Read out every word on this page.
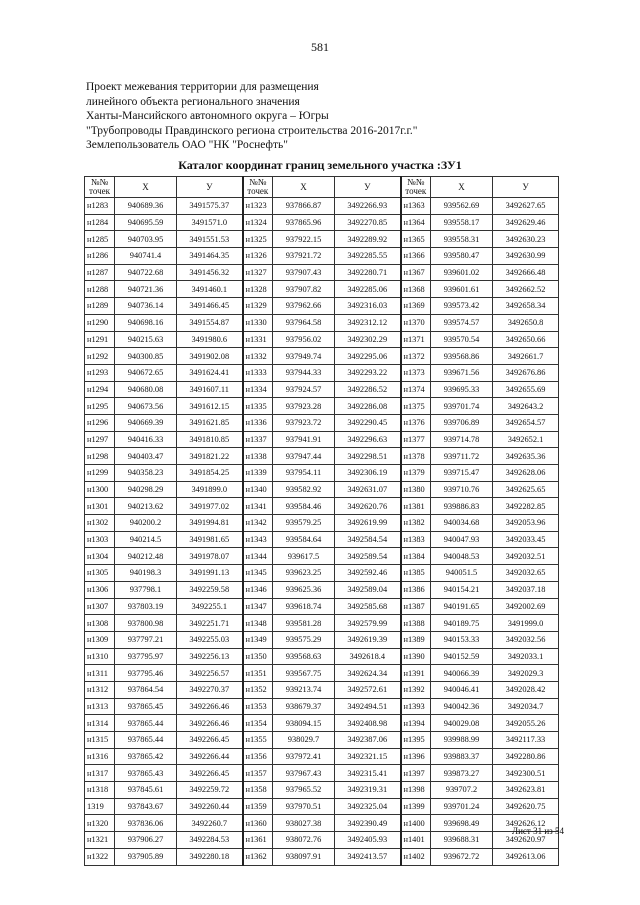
581
Проект межевания территории для размещения
линейного объекта регионального значения
Ханты-Мансийского автономного округа – Югры
"Трубопроводы Правдинского региона строительства 2016-2017г.г."
Землепользователь ОАО "НК "Роснефть"
Каталог координат границ земельного участка :ЗУ1
№№
точек	X	У	№№
точек	X	У	№№
точек	X	У
н1283	940689.36	3491575.37	н1323	937866.87	3492266.93	н1363	939562.69	3492627.65
н1284	940695.59	3491571.0	н1324	937865.96	3492270.85	н1364	939558.17	3492629.46
н1285	940703.95	3491551.53	н1325	937922.15	3492289.92	н1365	939558.31	3492630.23
н1286	940741.4	3491464.35	н1326	937921.72	3492285.55	н1366	939580.47	3492630.99
н1287	940722.68	3491456.32	н1327	937907.43	3492280.71	н1367	939601.02	3492666.48
н1288	940721.36	3491460.1	н1328	937907.82	3492285.06	н1368	939601.61	3492662.52
н1289	940736.14	3491466.45	н1329	937962.66	3492316.03	н1369	939573.42	3492658.34
н1290	940698.16	3491554.87	н1330	937964.58	3492312.12	н1370	939574.57	3492650.8
н1291	940215.63	3491980.6	н1331	937956.02	3492302.29	н1371	939570.54	3492650.66
н1292	940300.85	3491902.08	н1332	937949.74	3492295.06	н1372	939568.86	3492661.7
н1293	940672.65	3491624.41	н1333	937944.33	3492293.22	н1373	939671.56	3492676.86
н1294	940680.08	3491607.11	н1334	937924.57	3492286.52	н1374	939695.33	3492655.69
н1295	940673.56	3491612.15	н1335	937923.28	3492286.08	н1375	939701.74	3492643.2
н1296	940669.39	3491621.85	н1336	937923.72	3492290.45	н1376	939706.89	3492654.57
н1297	940416.33	3491810.85	н1337	937941.91	3492296.63	н1377	939714.78	3492652.1
н1298	940403.47	3491821.22	н1338	937947.44	3492298.51	н1378	939711.72	3492635.36
н1299	940358.23	3491854.25	н1339	937954.11	3492306.19	н1379	939715.47	3492628.06
н1300	940298.29	3491899.0	н1340	939582.92	3492631.07	н1380	939710.76	3492625.65
н1301	940213.62	3491977.02	н1341	939584.46	3492620.76	н1381	939886.83	3492282.85
н1302	940200.2	3491994.81	н1342	939579.25	3492619.99	н1382	940034.68	3492053.96
н1303	940214.5	3491981.65	н1343	939584.64	3492584.54	н1383	940047.93	3492033.45
н1304	940212.48	3491978.07	н1344	939617.5	3492589.54	н1384	940048.53	3492032.51
н1305	940198.3	3491991.13	н1345	939623.25	3492592.46	н1385	940051.5	3492032.65
н1306	937798.1	3492259.58	н1346	939625.36	3492589.04	н1386	940154.21	3492037.18
н1307	937803.19	3492255.1	н1347	939618.74	3492585.68	н1387	940191.65	3492002.69
н1308	937800.98	3492251.71	н1348	939581.28	3492579.99	н1388	940189.75	3491999.0
н1309	937797.21	3492255.03	н1349	939575.29	3492619.39	н1389	940153.33	3492032.56
н1310	937795.97	3492256.13	н1350	939568.63	3492618.4	н1390	940152.59	3492033.1
н1311	937795.46	3492256.57	н1351	939567.75	3492624.34	н1391	940066.39	3492029.3
н1312	937864.54	3492270.37	н1352	939213.74	3492572.61	н1392	940046.41	3492028.42
н1313	937865.45	3492266.46	н1353	938679.37	3492494.51	н1393	940042.36	3492034.7
н1314	937865.44	3492266.46	н1354	938094.15	3492408.98	н1394	940029.08	3492055.26
н1315	937865.44	3492266.45	н1355	938029.7	3492387.06	н1395	939988.99	3492117.33
н1316	937865.42	3492266.44	н1356	937972.41	3492321.15	н1396	939883.37	3492280.86
н1317	937865.43	3492266.45	н1357	937967.43	3492315.41	н1397	939873.27	3492300.51
н1318	937845.61	3492259.72	н1358	937965.52	3492319.31	н1398	939707.2	3492623.81
1319	937843.67	3492260.44	н1359	937970.51	3492325.04	н1399	939701.24	3492620.75
н1320	937836.06	3492260.7	н1360	938027.38	3492390.49	н1400	939698.49	3492626.12
н1321	937906.27	3492284.53	н1361	938072.76	3492405.93	н1401	939688.31	3492620.97
н1322	937905.89	3492280.18	н1362	938097.91	3492413.57	н1402	939672.72	3492613.06
Лист 31 из 54
